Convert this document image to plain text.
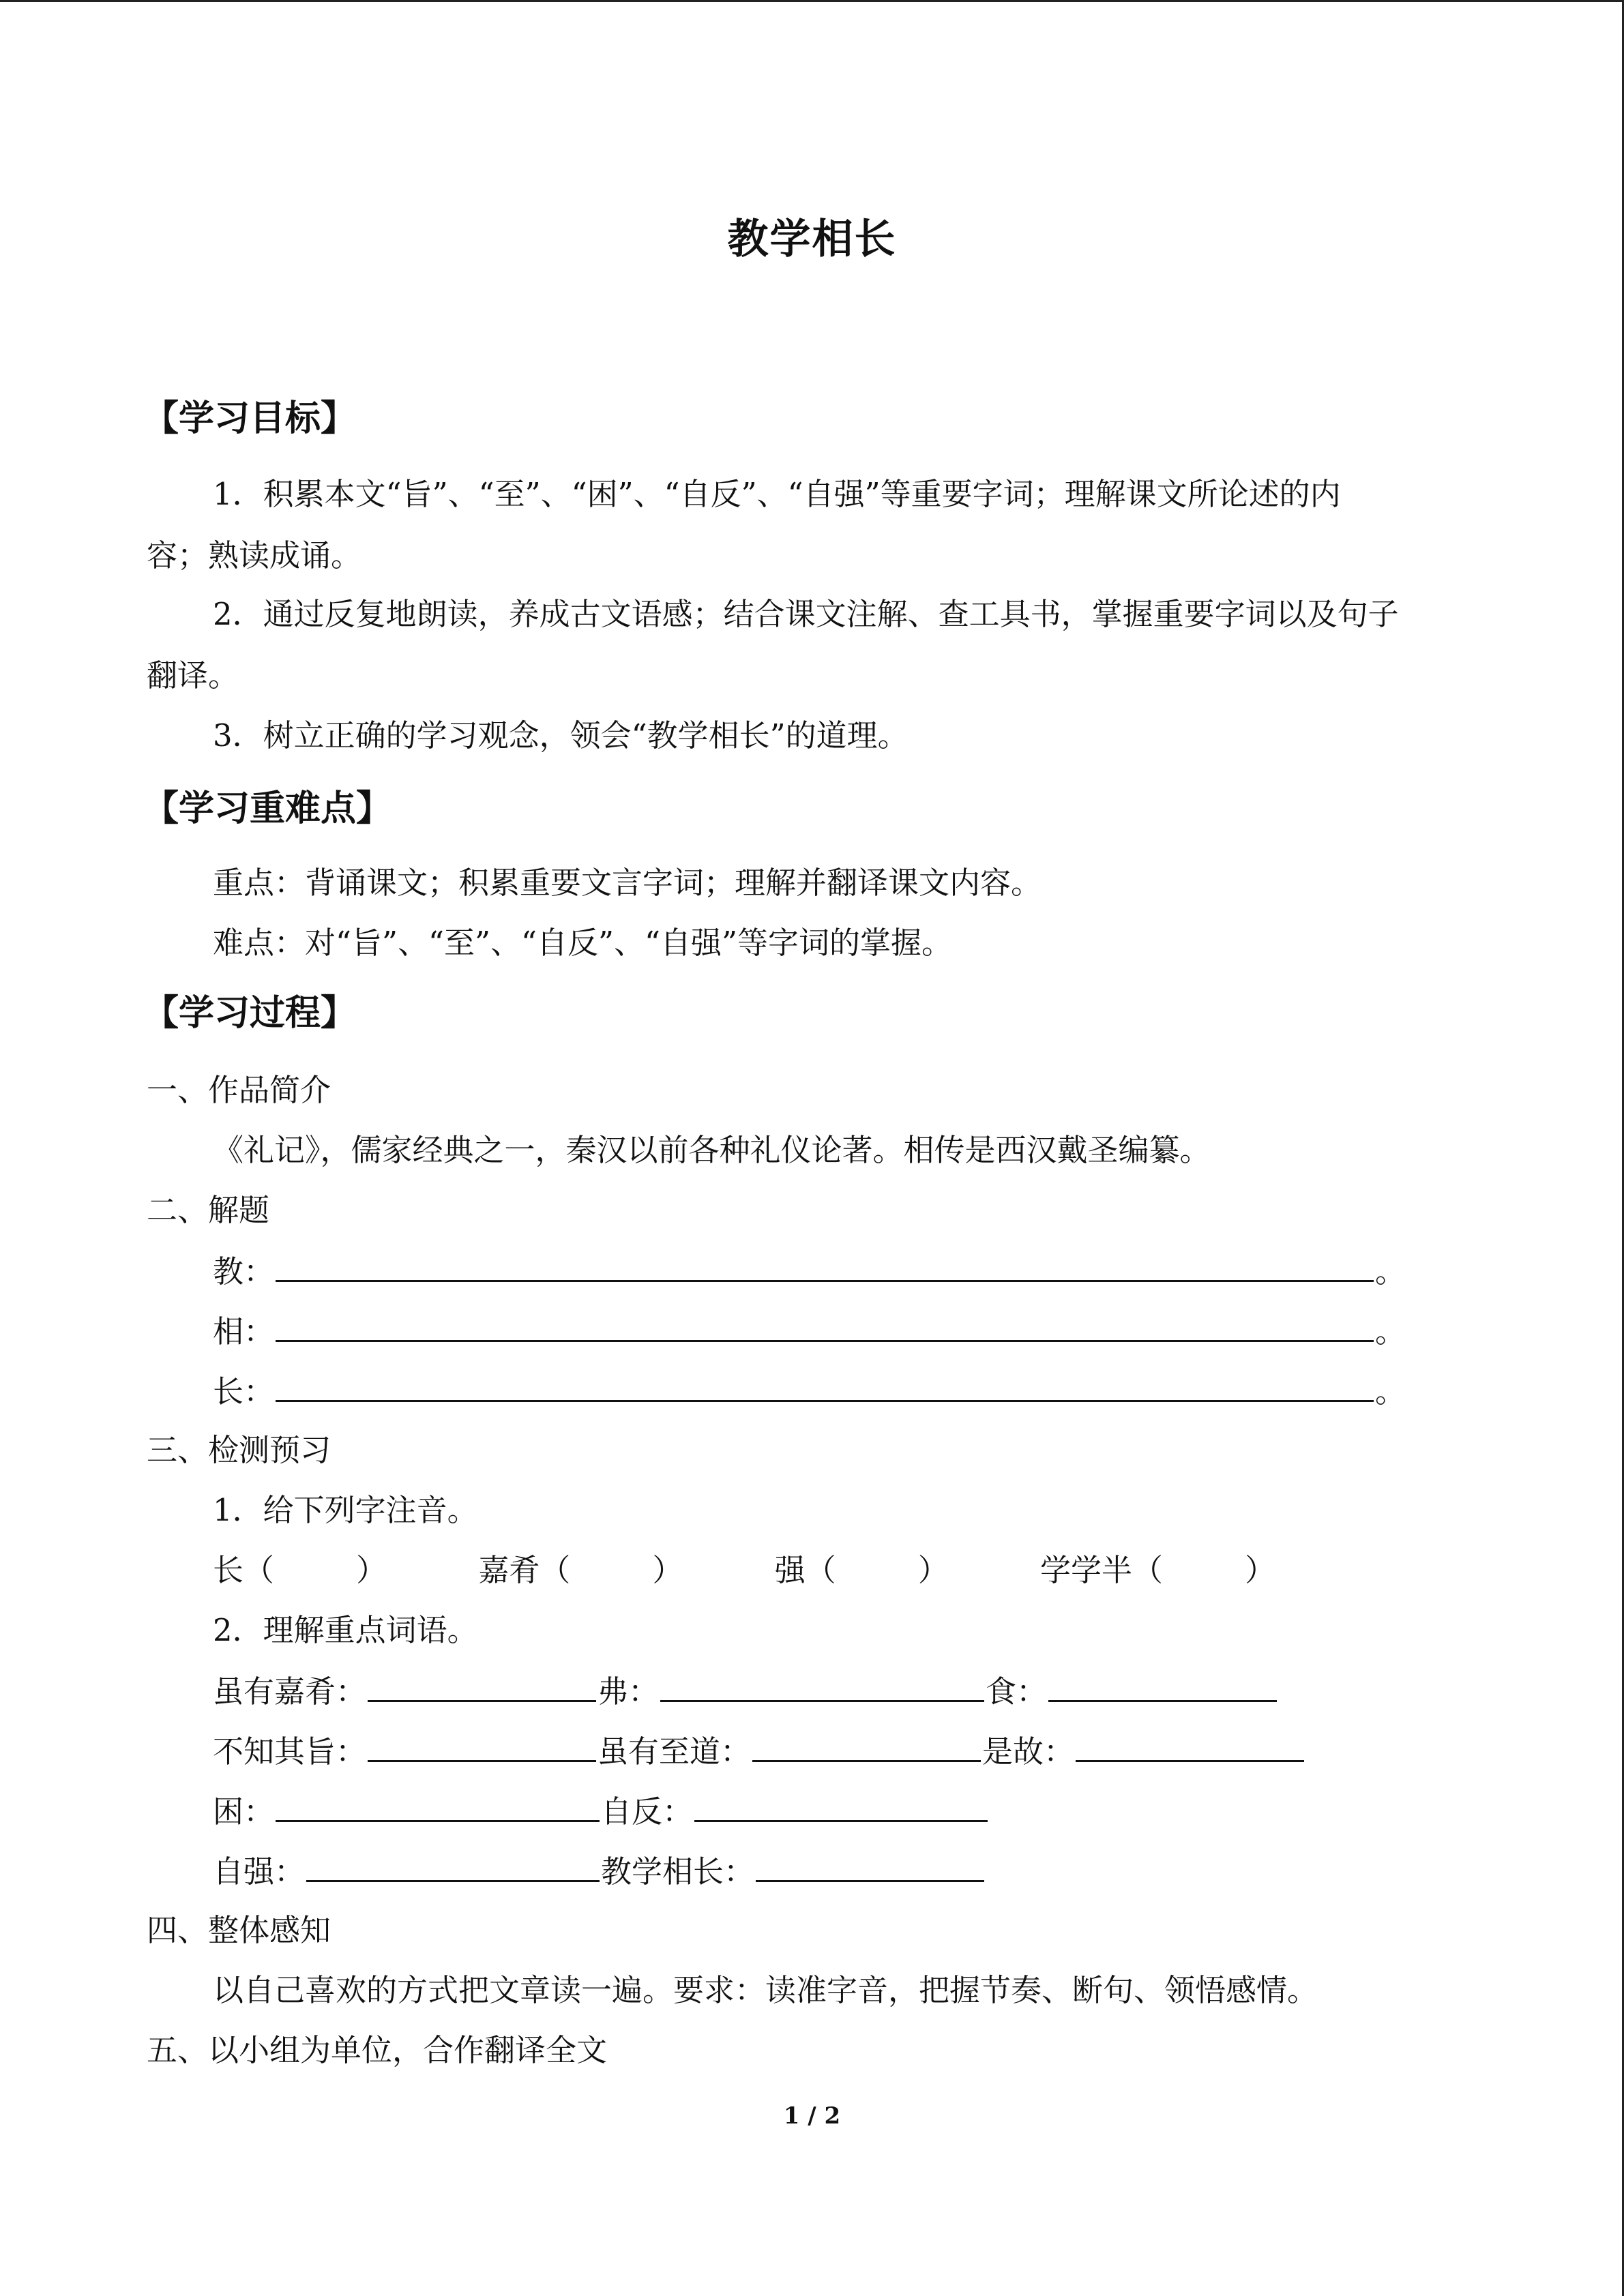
教学相长
【学习目标】
1．积累本文“旨”、“至”、“困”、“自反”、“自强”等重要字词；理解课文所论述的内
容；熟读成诵。
2．通过反复地朗读，养成古文语感；结合课文注解、查工具书，掌握重要字词以及句子
翻译。
3．树立正确的学习观念，领会“教学相长”的道理。
【学习重难点】
重点：背诵课文；积累重要文言字词；理解并翻译课文内容。
难点：对“旨”、“至”、“自反”、“自强”等字词的掌握。
【学习过程】
一、作品简介
《礼记》，儒家经典之一，秦汉以前各种礼仪论著。相传是西汉戴圣编纂。
二、解题
教：	。
相：	。
长：	。
三、检测预习
1．给下列字注音。
长（	）	嘉肴（	）	强（	）	学学半（	）
2．理解重点词语。
虽有嘉肴：	弗：	食：
不知其旨：	虽有至道：	是故：
困：	自反：
自强：	教学相长：
四、整体感知
以自己喜欢的方式把文章读一遍。要求：读准字音，把握节奏、断句、领悟感情。
五、以小组为单位，合作翻译全文
1 / 2
